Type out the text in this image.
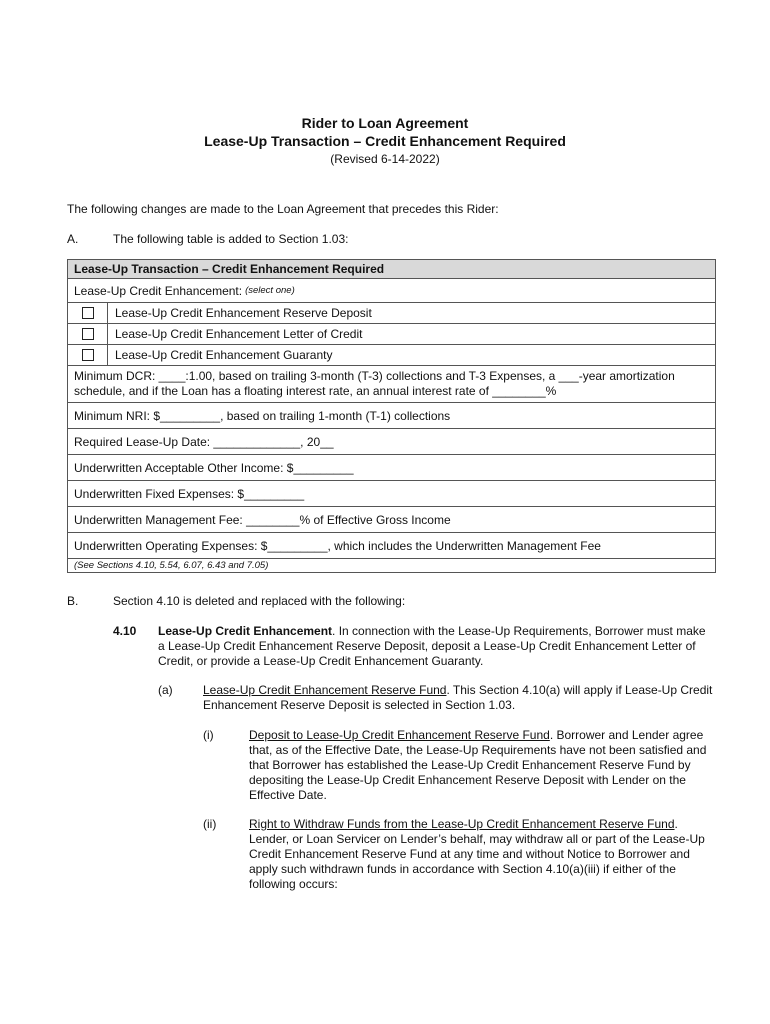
Rider to Loan Agreement
Lease-Up Transaction – Credit Enhancement Required
(Revised 6-14-2022)
The following changes are made to the Loan Agreement that precedes this Rider:
A.	The following table is added to Section 1.03:
Lease-Up Transaction – Credit Enhancement Required
Lease-Up Credit Enhancement: (select one)
Lease-Up Credit Enhancement Reserve Deposit
Lease-Up Credit Enhancement Letter of Credit
Lease-Up Credit Enhancement Guaranty
Minimum DCR: ____:1.00, based on trailing 3-month (T-3) collections and T-3 Expenses, a ___-year amortization schedule, and if the Loan has a floating interest rate, an annual interest rate of ________%
Minimum NRI: $_________, based on trailing 1-month (T-1) collections
Required Lease-Up Date: _____________, 20__
Underwritten Acceptable Other Income: $_________
Underwritten Fixed Expenses: $_________
Underwritten Management Fee: ________% of Effective Gross Income
Underwritten Operating Expenses: $_________, which includes the Underwritten Management Fee
(See Sections 4.10, 5.54, 6.07, 6.43 and 7.05)
B.	Section 4.10 is deleted and replaced with the following:
4.10 Lease-Up Credit Enhancement. In connection with the Lease-Up Requirements, Borrower must make a Lease-Up Credit Enhancement Reserve Deposit, deposit a Lease-Up Credit Enhancement Letter of Credit, or provide a Lease-Up Credit Enhancement Guaranty.
(a)	Lease-Up Credit Enhancement Reserve Fund. This Section 4.10(a) will apply if Lease-Up Credit Enhancement Reserve Deposit is selected in Section 1.03.
(i)	Deposit to Lease-Up Credit Enhancement Reserve Fund. Borrower and Lender agree that, as of the Effective Date, the Lease-Up Requirements have not been satisfied and that Borrower has established the Lease-Up Credit Enhancement Reserve Fund by depositing the Lease-Up Credit Enhancement Reserve Deposit with Lender on the Effective Date.
(ii)	Right to Withdraw Funds from the Lease-Up Credit Enhancement Reserve Fund. Lender, or Loan Servicer on Lender’s behalf, may withdraw all or part of the Lease-Up Credit Enhancement Reserve Fund at any time and without Notice to Borrower and apply such withdrawn funds in accordance with Section 4.10(a)(iii) if either of the following occurs:
